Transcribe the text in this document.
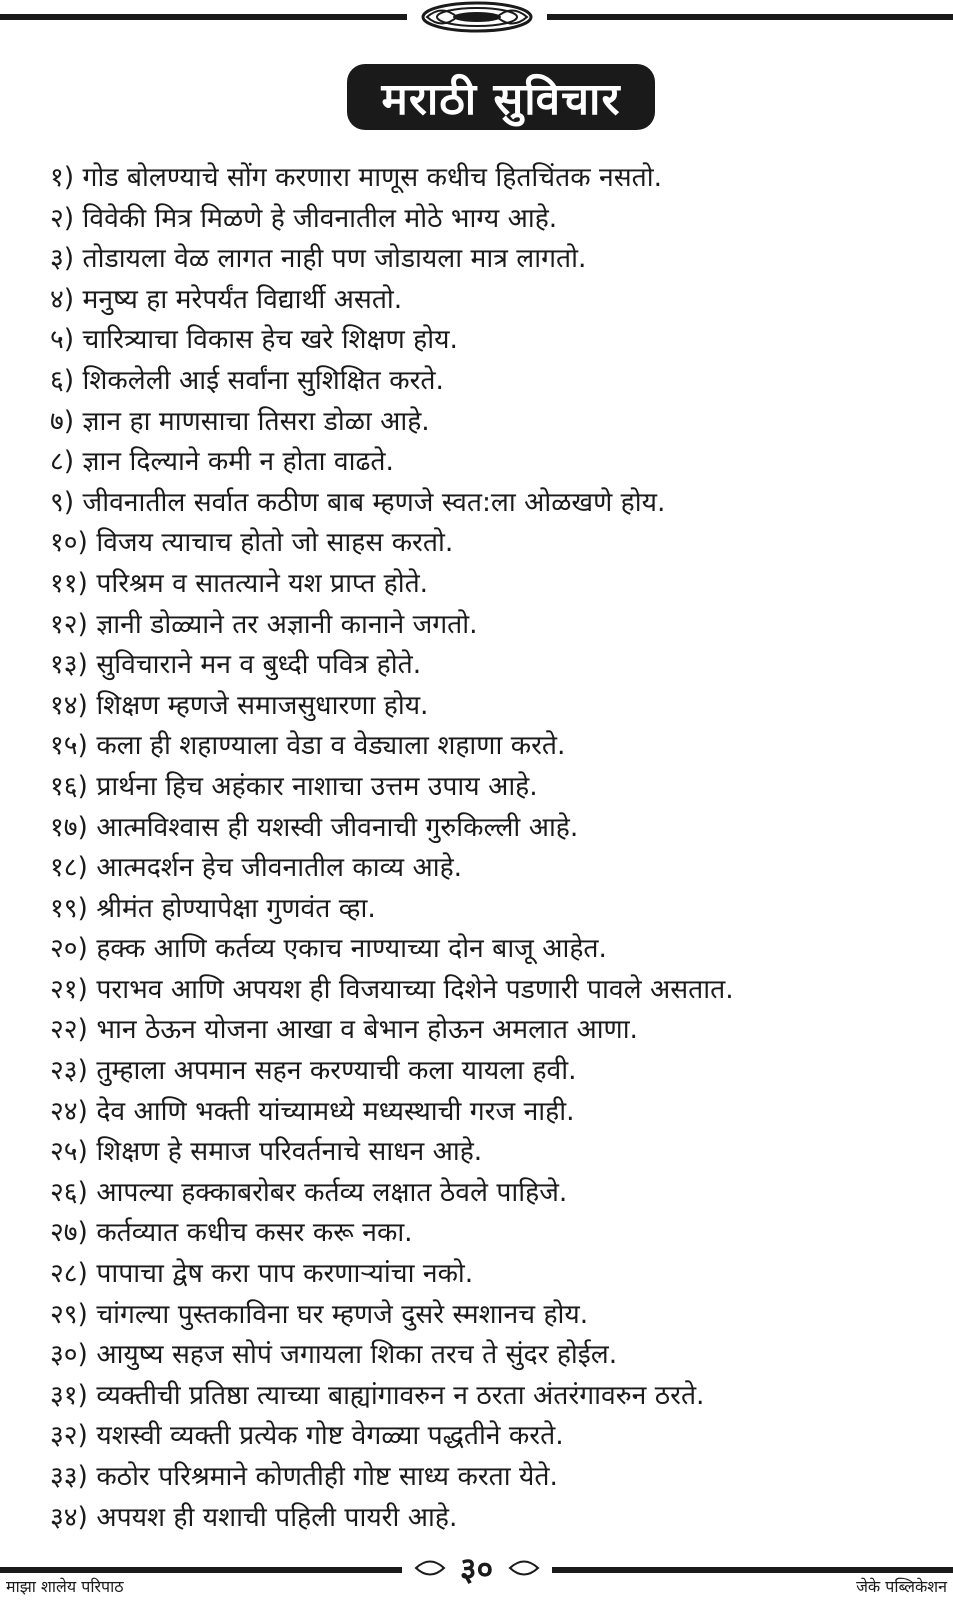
मराठी सुविचार
१) गोड बोलण्याचे सोंग करणारा माणूस कधीच हितचिंतक नसतो.
२) विवेकी मित्र मिळणे हे जीवनातील मोठे भाग्य आहे.
३) तोडायला वेळ लागत नाही पण जोडायला मात्र लागतो.
४) मनुष्य हा मरेपर्यंत विद्यार्थी असतो.
५) चारित्र्याचा विकास हेच खरे शिक्षण होय.
६) शिकलेली आई सर्वांना सुशिक्षित करते.
७) ज्ञान हा माणसाचा तिसरा डोळा आहे.
८) ज्ञान दिल्याने कमी न होता वाढते.
९) जीवनातील सर्वात कठीण बाब म्हणजे स्वत:ला ओळखणे होय.
१०) विजय त्याचाच होतो जो साहस करतो.
११) परिश्रम व सातत्याने यश प्राप्त होते.
१२) ज्ञानी डोळ्याने तर अज्ञानी कानाने जगतो.
१३) सुविचाराने मन व बुध्दी पवित्र होते.
१४) शिक्षण म्हणजे समाजसुधारणा होय.
१५) कला ही शहाण्याला वेडा व वेड्याला शहाणा करते.
१६) प्रार्थना हिच अहंकार नाशाचा उत्तम उपाय आहे.
१७) आत्मविश्वास ही यशस्वी जीवनाची गुरुकिल्ली आहे.
१८) आत्मदर्शन हेच जीवनातील काव्य आहे.
१९) श्रीमंत होण्यापेक्षा गुणवंत व्हा.
२०) हक्क आणि कर्तव्य एकाच नाण्याच्या दोन बाजू आहेत.
२१) पराभव आणि अपयश ही विजयाच्या दिशेने पडणारी पावले असतात.
२२) भान ठेऊन योजना आखा व बेभान होऊन अमलात आणा.
२३) तुम्हाला अपमान सहन करण्याची कला यायला हवी.
२४) देव आणि भक्ती यांच्यामध्ये मध्यस्थाची गरज नाही.
२५) शिक्षण हे समाज परिवर्तनाचे साधन आहे.
२६) आपल्या हक्काबरोबर कर्तव्य लक्षात ठेवले पाहिजे.
२७) कर्तव्यात कधीच कसर करू नका.
२८) पापाचा द्वेष करा पाप करणाऱ्यांचा नको.
२९) चांगल्या पुस्तकाविना घर म्हणजे दुसरे स्मशानच होय.
३०) आयुष्य सहज सोपं जगायला शिका तरच ते सुंदर होईल.
३१) व्यक्तीची प्रतिष्ठा त्याच्या बाह्यांगावरुन न ठरता अंतरंगावरुन ठरते.
३२) यशस्वी व्यक्ती प्रत्येक गोष्ट वेगळ्या पद्धतीने करते.
३३) कठोर परिश्रमाने कोणतीही गोष्ट साध्य करता येते.
३४) अपयश ही यशाची पहिली पायरी आहे.
३०
माझा शालेय परिपाठ	जेके पब्लिकेशन
